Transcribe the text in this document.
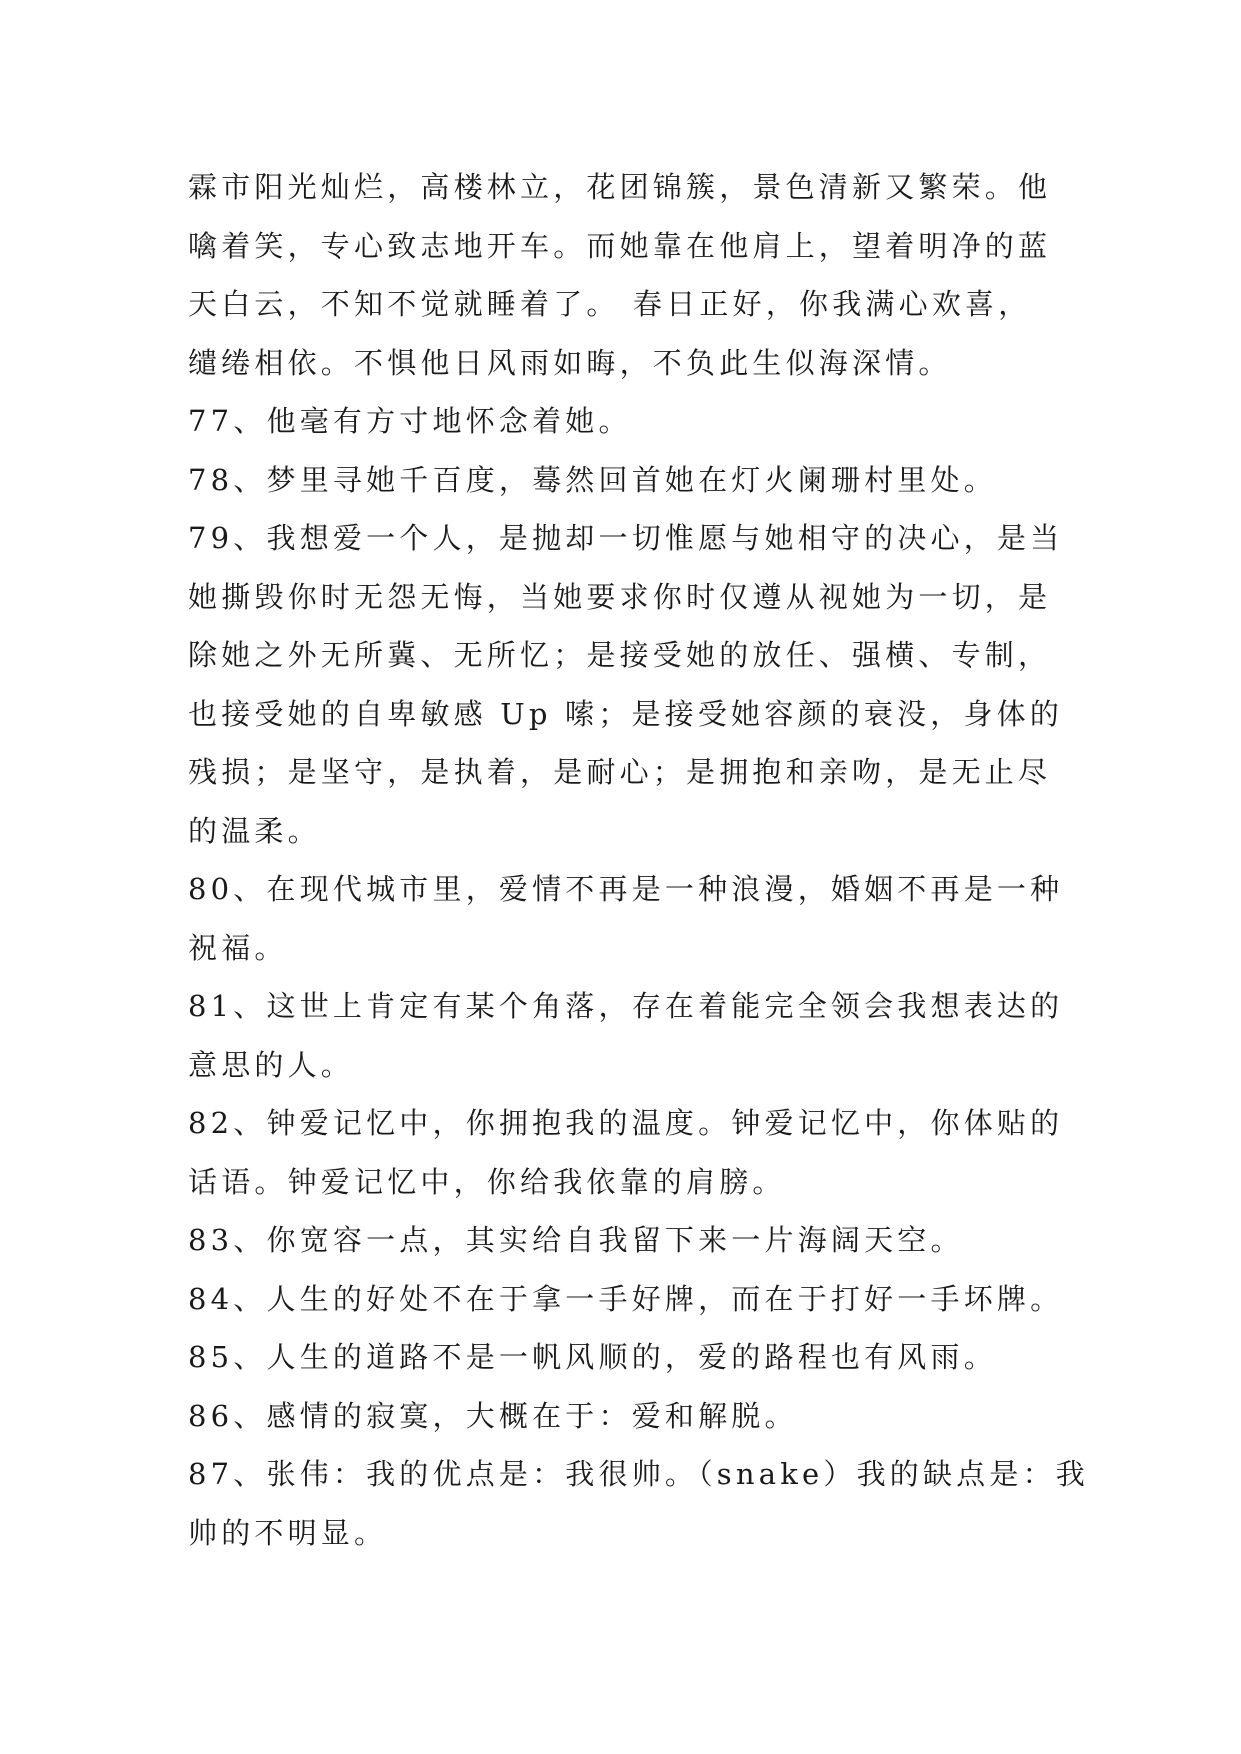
霖市阳光灿烂，高楼林立，花团锦簇，景色清新又繁荣。他
噙着笑，专心致志地开车。而她靠在他肩上，望着明净的蓝
天白云，不知不觉就睡着了。 春日正好，你我满心欢喜，
缱绻相依。不惧他日风雨如晦，不负此生似海深情。
77、他毫有方寸地怀念着她。
78、梦里寻她千百度，蓦然回首她在灯火阑珊村里处。
79、我想爱一个人，是抛却一切惟愿与她相守的决心，是当
她撕毁你时无怨无悔，当她要求你时仅遵从视她为一切，是
除她之外无所冀、无所忆；是接受她的放任、强横、专制，
也接受她的自卑敏感 Up 嗦；是接受她容颜的衰没，身体的
残损；是坚守，是执着，是耐心；是拥抱和亲吻，是无止尽
的温柔。
80、在现代城市里，爱情不再是一种浪漫，婚姻不再是一种
祝福。
81、这世上肯定有某个角落，存在着能完全领会我想表达的
意思的人。
82、钟爱记忆中，你拥抱我的温度。钟爱记忆中，你体贴的
话语。钟爱记忆中，你给我依靠的肩膀。
83、你宽容一点，其实给自我留下来一片海阔天空。
84、人生的好处不在于拿一手好牌，而在于打好一手坏牌。
85、人生的道路不是一帆风顺的，爱的路程也有风雨。
86、感情的寂寞，大概在于：爱和解脱。
87、张伟：我的优点是：我很帅。（snake）我的缺点是：我
帅的不明显。
